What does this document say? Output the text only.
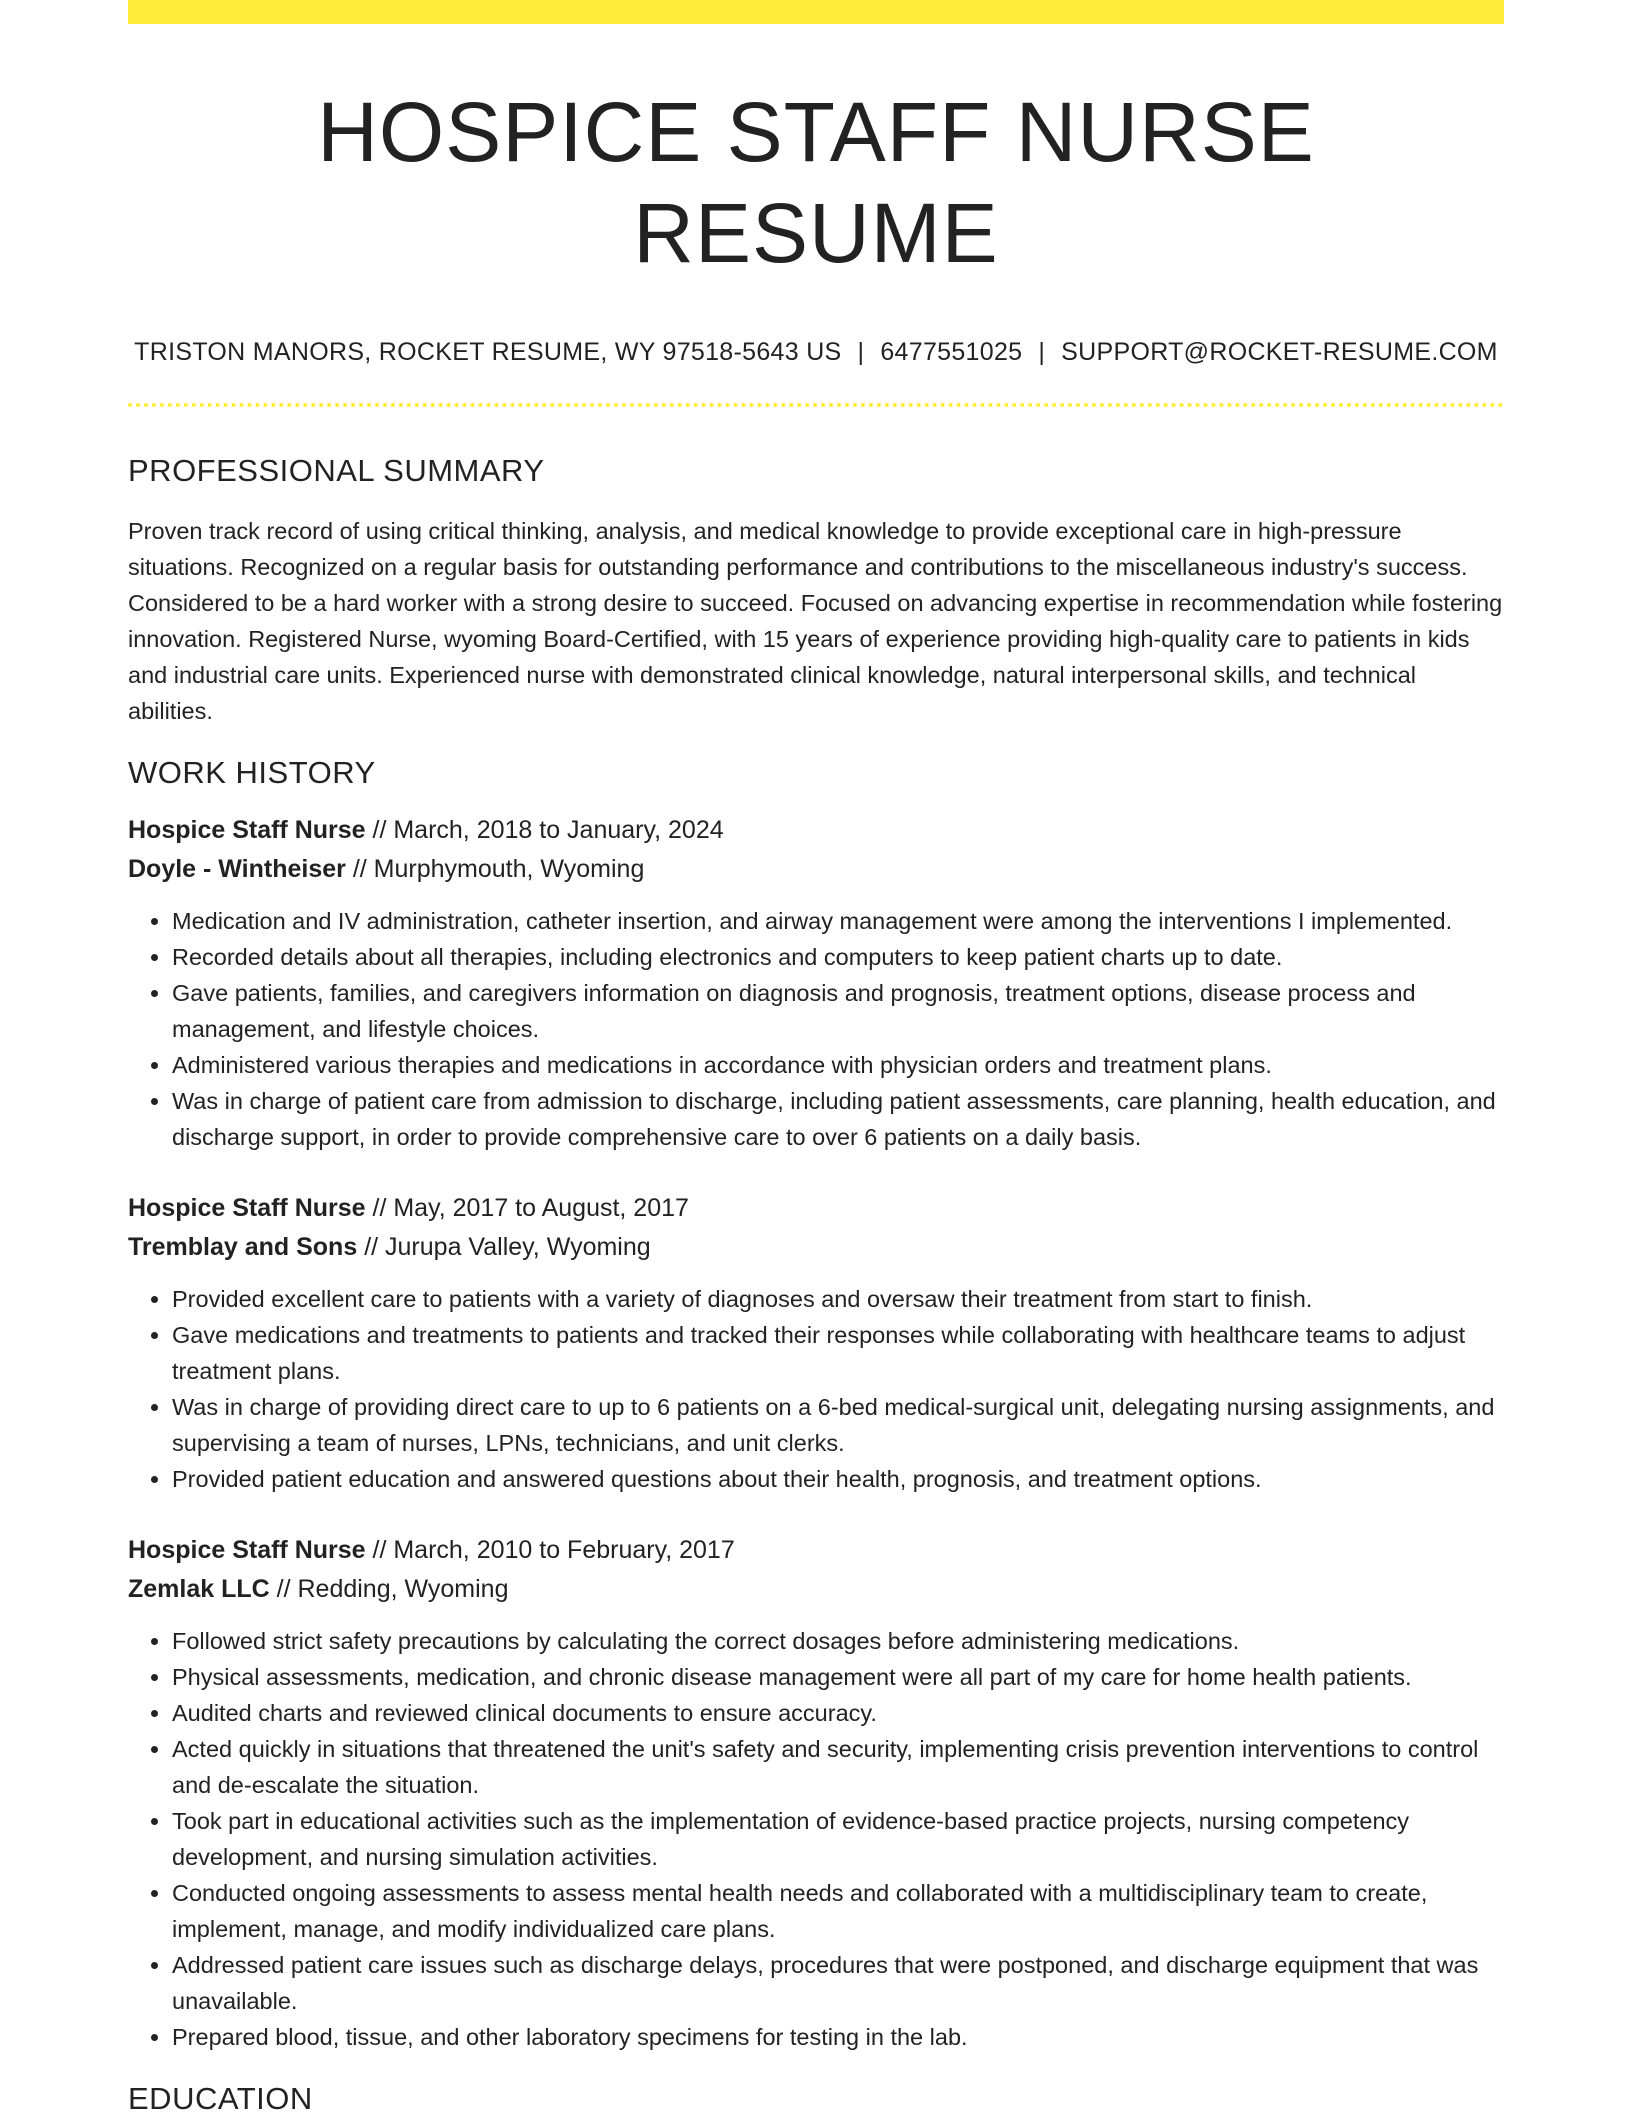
HOSPICE STAFF NURSE RESUME
TRISTON MANORS, ROCKET RESUME, WY 97518-5643 US | 6477551025 | SUPPORT@ROCKET-RESUME.COM
PROFESSIONAL SUMMARY

Proven track record of using critical thinking, analysis, and medical knowledge to provide exceptional care in high-pressure situations. Recognized on a regular basis for outstanding performance and contributions to the miscellaneous industry's success. Considered to be a hard worker with a strong desire to succeed. Focused on advancing expertise in recommendation while fostering innovation. Registered Nurse, wyoming Board-Certified, with 15 years of experience providing high-quality care to patients in kids and industrial care units. Experienced nurse with demonstrated clinical knowledge, natural interpersonal skills, and technical abilities.

WORK HISTORY
Hospice Staff Nurse // March, 2018 to January, 2024
Doyle - Wintheiser // Murphymouth, Wyoming
• Medication and IV administration, catheter insertion, and airway management were among the interventions I implemented.
• Recorded details about all therapies, including electronics and computers to keep patient charts up to date.
• Gave patients, families, and caregivers information on diagnosis and prognosis, treatment options, disease process and management, and lifestyle choices.
• Administered various therapies and medications in accordance with physician orders and treatment plans.
• Was in charge of patient care from admission to discharge, including patient assessments, care planning, health education, and discharge support, in order to provide comprehensive care to over 6 patients on a daily basis.
Hospice Staff Nurse // May, 2017 to August, 2017
Tremblay and Sons // Jurupa Valley, Wyoming
• Provided excellent care to patients with a variety of diagnoses and oversaw their treatment from start to finish.
• Gave medications and treatments to patients and tracked their responses while collaborating with healthcare teams to adjust treatment plans.
• Was in charge of providing direct care to up to 6 patients on a 6-bed medical-surgical unit, delegating nursing assignments, and supervising a team of nurses, LPNs, technicians, and unit clerks.
• Provided patient education and answered questions about their health, prognosis, and treatment options.
Hospice Staff Nurse // March, 2010 to February, 2017
Zemlak LLC // Redding, Wyoming
• Followed strict safety precautions by calculating the correct dosages before administering medications.
• Physical assessments, medication, and chronic disease management were all part of my care for home health patients.
• Audited charts and reviewed clinical documents to ensure accuracy.
• Acted quickly in situations that threatened the unit's safety and security, implementing crisis prevention interventions to control and de-escalate the situation.
• Took part in educational activities such as the implementation of evidence-based practice projects, nursing competency development, and nursing simulation activities.
• Conducted ongoing assessments to assess mental health needs and collaborated with a multidisciplinary team to create, implement, manage, and modify individualized care plans.
• Addressed patient care issues such as discharge delays, procedures that were postponed, and discharge equipment that was unavailable.
• Prepared blood, tissue, and other laboratory specimens for testing in the lab.
EDUCATION
